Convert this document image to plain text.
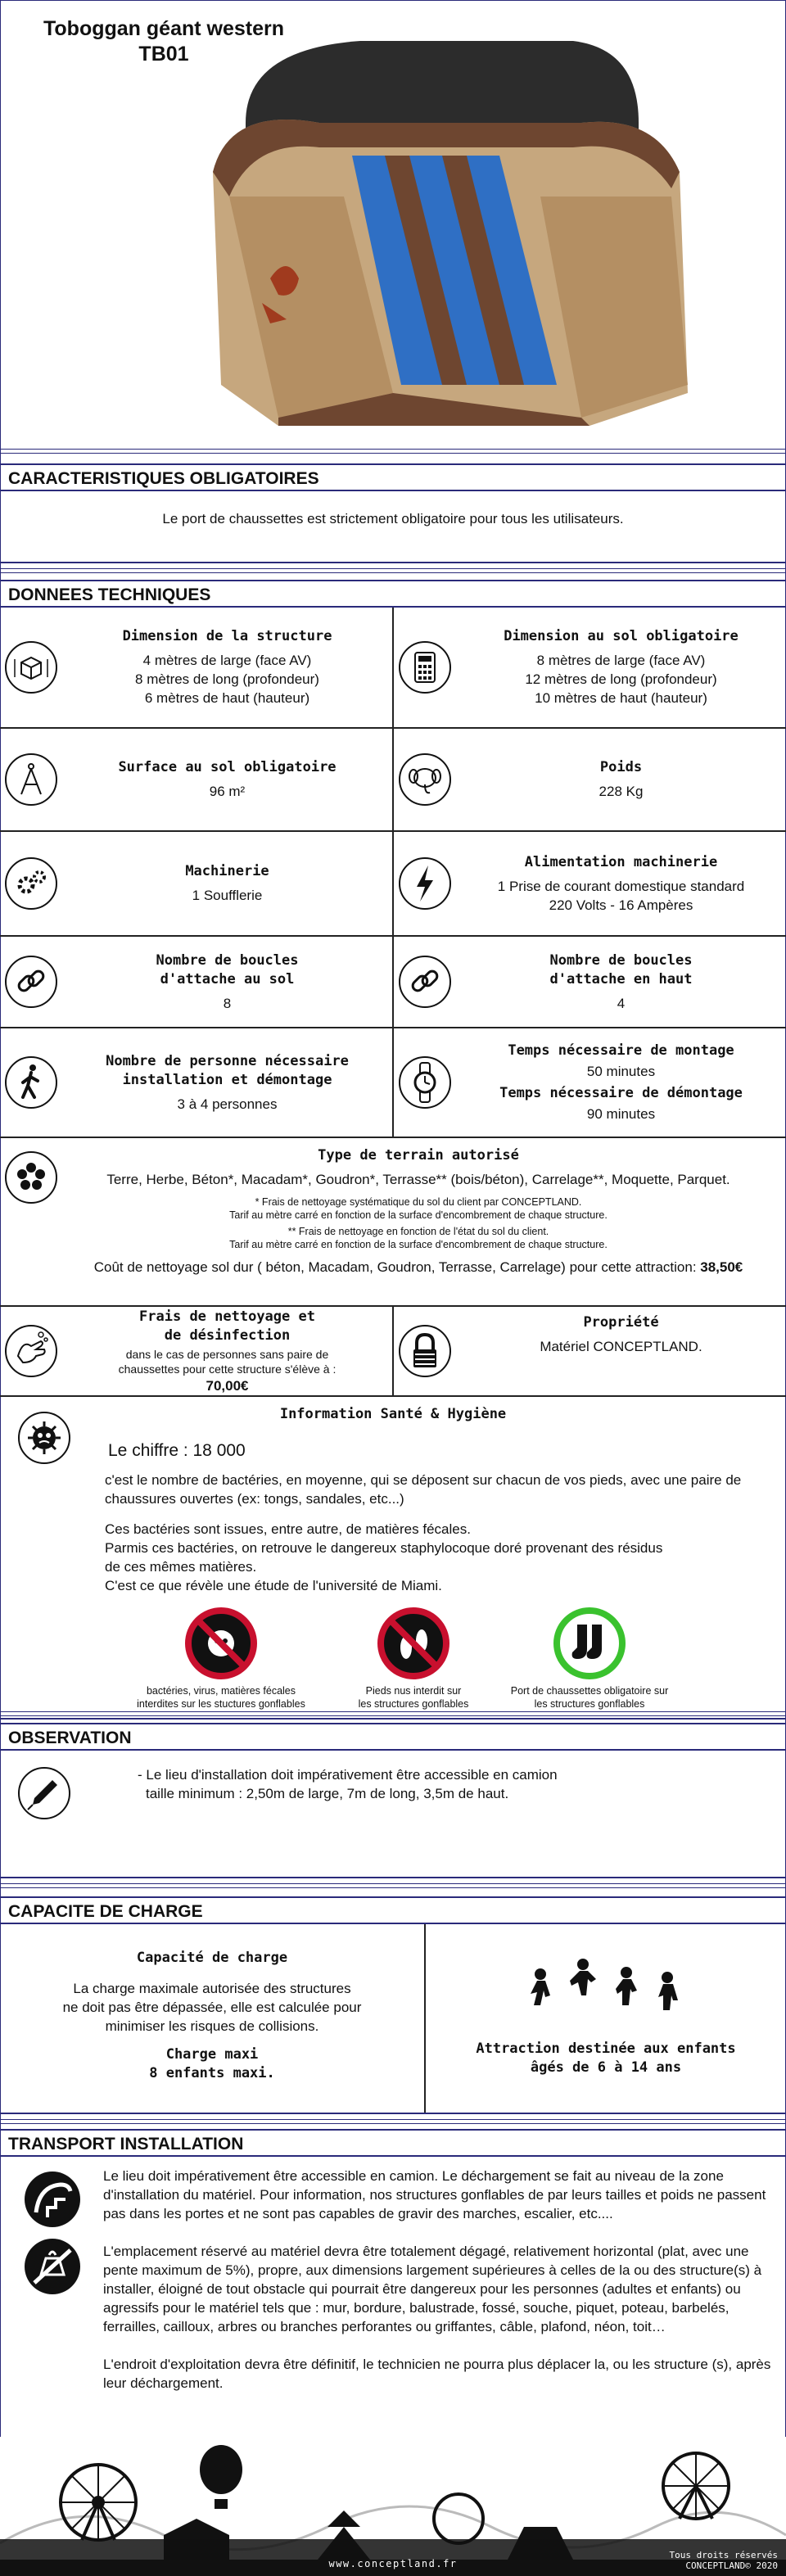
Toboggan géant western
TB01
CARACTERISTIQUES OBLIGATOIRES
Le port de chaussettes est strictement obligatoire pour tous les utilisateurs.
DONNEES TECHNIQUES
Dimension de la structure
4 mètres de large (face AV)
8 mètres de long (profondeur)
6 mètres de haut (hauteur)
Dimension au sol obligatoire
8 mètres de large (face AV)
12 mètres de long (profondeur)
10 mètres de haut (hauteur)
Surface au sol obligatoire
96 m²
Poids
228 Kg
Machinerie
1 Soufflerie
Alimentation machinerie
1 Prise de courant domestique standard
220 Volts - 16 Ampères
Nombre de boucles
d'attache au sol
8
Nombre de boucles
d'attache en haut
4
Nombre de personne nécessaire
installation et démontage
3 à 4 personnes
Temps nécessaire de montage
50 minutes
Temps nécessaire de démontage
90 minutes
Type de terrain autorisé
Terre, Herbe, Béton*, Macadam*, Goudron*, Terrasse** (bois/béton), Carrelage**, Moquette, Parquet.
* Frais de nettoyage systématique du sol du client par CONCEPTLAND.
Tarif au mètre carré en fonction de la surface d'encombrement de chaque structure.
** Frais de nettoyage en fonction de l'état du sol du client.
Tarif au mètre carré en fonction de la surface d'encombrement de chaque structure.
Coût de nettoyage sol dur ( béton, Macadam, Goudron, Terrasse, Carrelage) pour cette attraction: 38,50€
Frais de nettoyage et
de désinfection
dans le cas de personnes sans paire de
chaussettes pour cette structure s'élève à :
70,00€
Propriété
Matériel CONCEPTLAND.
Information Santé & Hygiène
Le chiffre : 18 000
c'est le nombre de bactéries, en moyenne, qui se déposent sur chacun de vos pieds, avec une paire de chaussures ouvertes (ex: tongs, sandales, etc...)
Ces bactéries sont issues, entre autre, de matières fécales.
Parmis ces bactéries, on retrouve le dangereux staphylocoque doré provenant des résidus
de ces mêmes matières.
C'est ce que révèle une étude de l'université de Miami.
bactéries, virus, matières fécales
interdites sur les stuctures gonflables
Pieds nus interdit sur
les structures gonflables
Port de chaussettes obligatoire sur
les structures gonflables
OBSERVATION
- Le lieu d'installation doit impérativement être accessible en camion
taille minimum : 2,50m de large, 7m de long, 3,5m de haut.
CAPACITE DE CHARGE
Capacité de charge
La charge maximale autorisée des structures
ne doit pas être dépassée, elle est calculée pour
minimiser les risques de collisions.
Charge maxi
8 enfants maxi.
Attraction destinée aux enfants
âgés de 6 à 14 ans
TRANSPORT INSTALLATION
Le lieu doit impérativement être accessible en camion. Le déchargement se fait au niveau de la zone d'installation du matériel. Pour information, nos structures gonflables de par leurs tailles et poids ne passent pas dans les portes et ne sont pas capables de gravir des marches, escalier, etc....
L'emplacement réservé au matériel devra être totalement dégagé, relativement horizontal (plat, avec une pente maximum de 5%), propre, aux dimensions largement supérieures à celles de la ou des structure(s) à installer, éloigné de tout obstacle qui pourrait être dangereux pour les personnes (adultes et enfants) ou agressifs pour le matériel tels que : mur, bordure, balustrade, fossé, souche, piquet, poteau, barbelés, ferrailles, cailloux, arbres ou branches perforantes ou griffantes, câble, plafond, néon, toit…
L'endroit d'exploitation devra être définitif, le technicien ne pourra plus déplacer la, ou les structure (s), après leur déchargement.
www.conceptland.fr
Tous droits réservés
CONCEPTLAND© 2020
